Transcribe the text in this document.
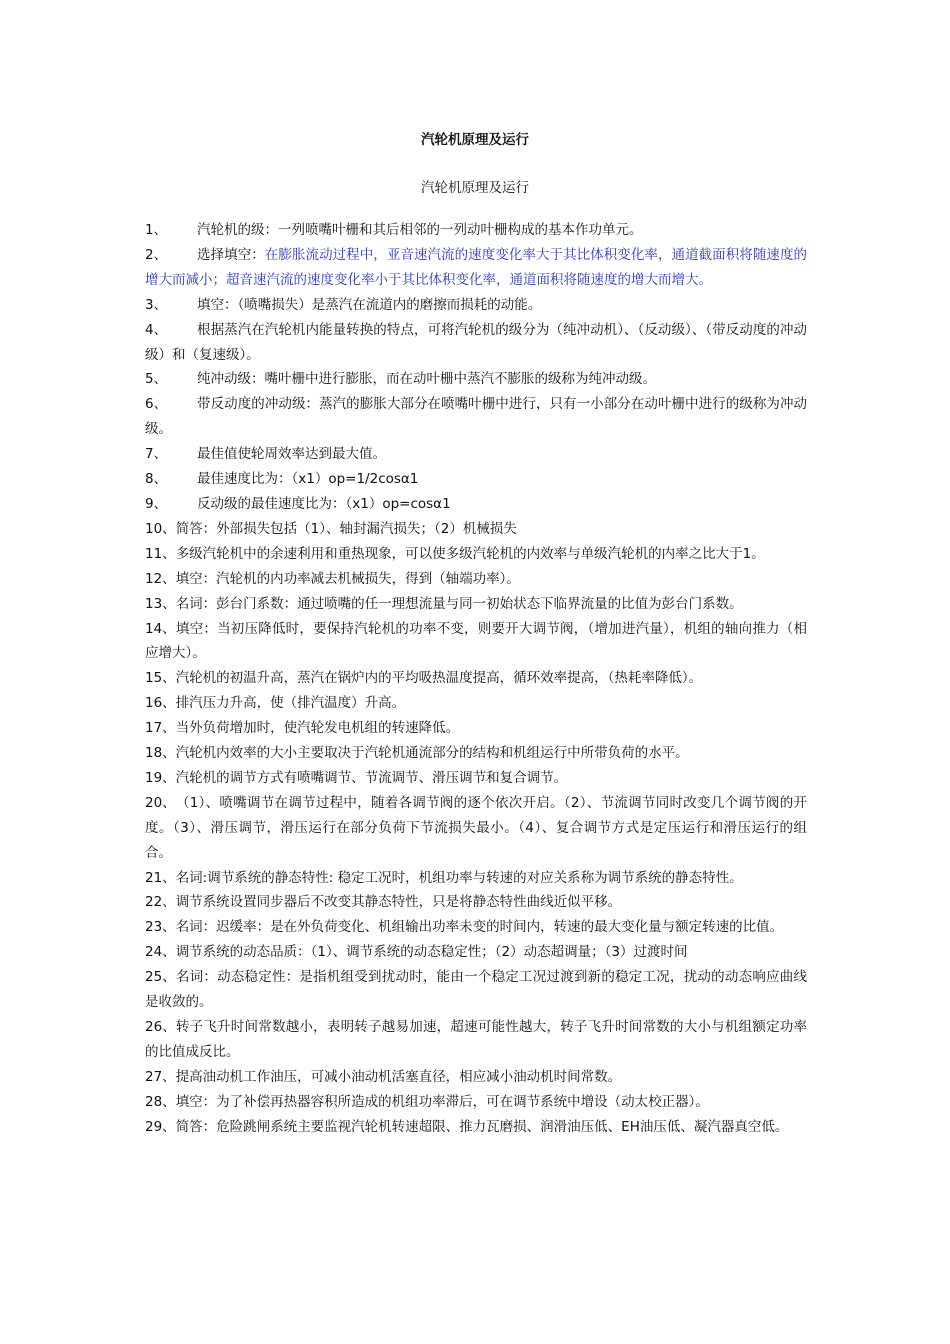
汽轮机原理及运行
汽轮机原理及运行

1、 汽轮机的级：一列喷嘴叶栅和其后相邻的一列动叶栅构成的基本作功单元。

2、 选择填空：在膨胀流动过程中，亚音速汽流的速度变化率大于其比体积变化率，通道截面积将随速度的增大而减小；超音速汽流的速度变化率小于其比体积变化率，通道面积将随速度的增大而增大。

3、 填空：（喷嘴损失）是蒸汽在流道内的磨擦而损耗的动能。

4、 根据蒸汽在汽轮机内能量转换的特点，可将汽轮机的级分为（纯冲动机）、（反动级）、（带反动度的冲动级）和（复速级）。

5、 纯冲动级：嘴叶栅中进行膨胀，而在动叶栅中蒸汽不膨胀的级称为纯冲动级。

6、 带反动度的冲动级：蒸汽的膨胀大部分在喷嘴叶栅中进行，只有一小部分在动叶栅中进行的级称为冲动级。

7、 最佳值使轮周效率达到最大值。

8、 最佳速度比为：（x1）op=1/2cosα1

9、 反动级的最佳速度比为：（x1）op=cosα1

10、简答：外部损失包括（1）、轴封漏汽损失；（2）机械损失

11、多级汽轮机中的余速利用和重热现象，可以使多级汽轮机的内效率与单级汽轮机的内率之比大于1。

12、填空：汽轮机的内功率减去机械损失，得到（轴端功率）。

13、名词：彭台门系数：通过喷嘴的任一理想流量与同一初始状态下临界流量的比值为彭台门系数。

14、填空：当初压降低时，要保持汽轮机的功率不变，则要开大调节阀，（增加进汽量），机组的轴向推力（相应增大）。

15、汽轮机的初温升高，蒸汽在锅炉内的平均吸热温度提高，循环效率提高，（热耗率降低）。

16、排汽压力升高，使（排汽温度）升高。

17、当外负荷增加时，使汽轮发电机组的转速降低。

18、汽轮机内效率的大小主要取决于汽轮机通流部分的结构和机组运行中所带负荷的水平。

19、汽轮机的调节方式有喷嘴调节、节流调节、滑压调节和复合调节。

20、（1）、喷嘴调节在调节过程中，随着各调节阀的逐个依次开启。（2）、节流调节同时改变几个调节阀的开度。（3）、滑压调节，滑压运行在部分负荷下节流损失最小。（4）、复合调节方式是定压运行和滑压运行的组合。

21、名词:调节系统的静态特性: 稳定工况时，机组功率与转速的对应关系称为调节系统的静态特性。

22、调节系统设置同步器后不改变其静态特性，只是将静态特性曲线近似平移。

23、名词：迟缓率：是在外负荷变化、机组输出功率未变的时间内，转速的最大变化量与额定转速的比值。

24、调节系统的动态品质：（1）、调节系统的动态稳定性；（2）动态超调量；（3）过渡时间

25、名词：动态稳定性：是指机组受到扰动时，能由一个稳定工况过渡到新的稳定工况，扰动的动态响应曲线是收敛的。

26、转子飞升时间常数越小，表明转子越易加速，超速可能性越大，转子飞升时间常数的大小与机组额定功率的比值成反比。

27、提高油动机工作油压，可减小油动机活塞直径，相应减小油动机时间常数。

28、填空：为了补偿再热器容积所造成的机组功率滞后，可在调节系统中增设（动太校正器）。

29、简答：危险跳闸系统主要监视汽轮机转速超限、推力瓦磨损、润滑油压低、EH油压低、凝汽器真空低。
